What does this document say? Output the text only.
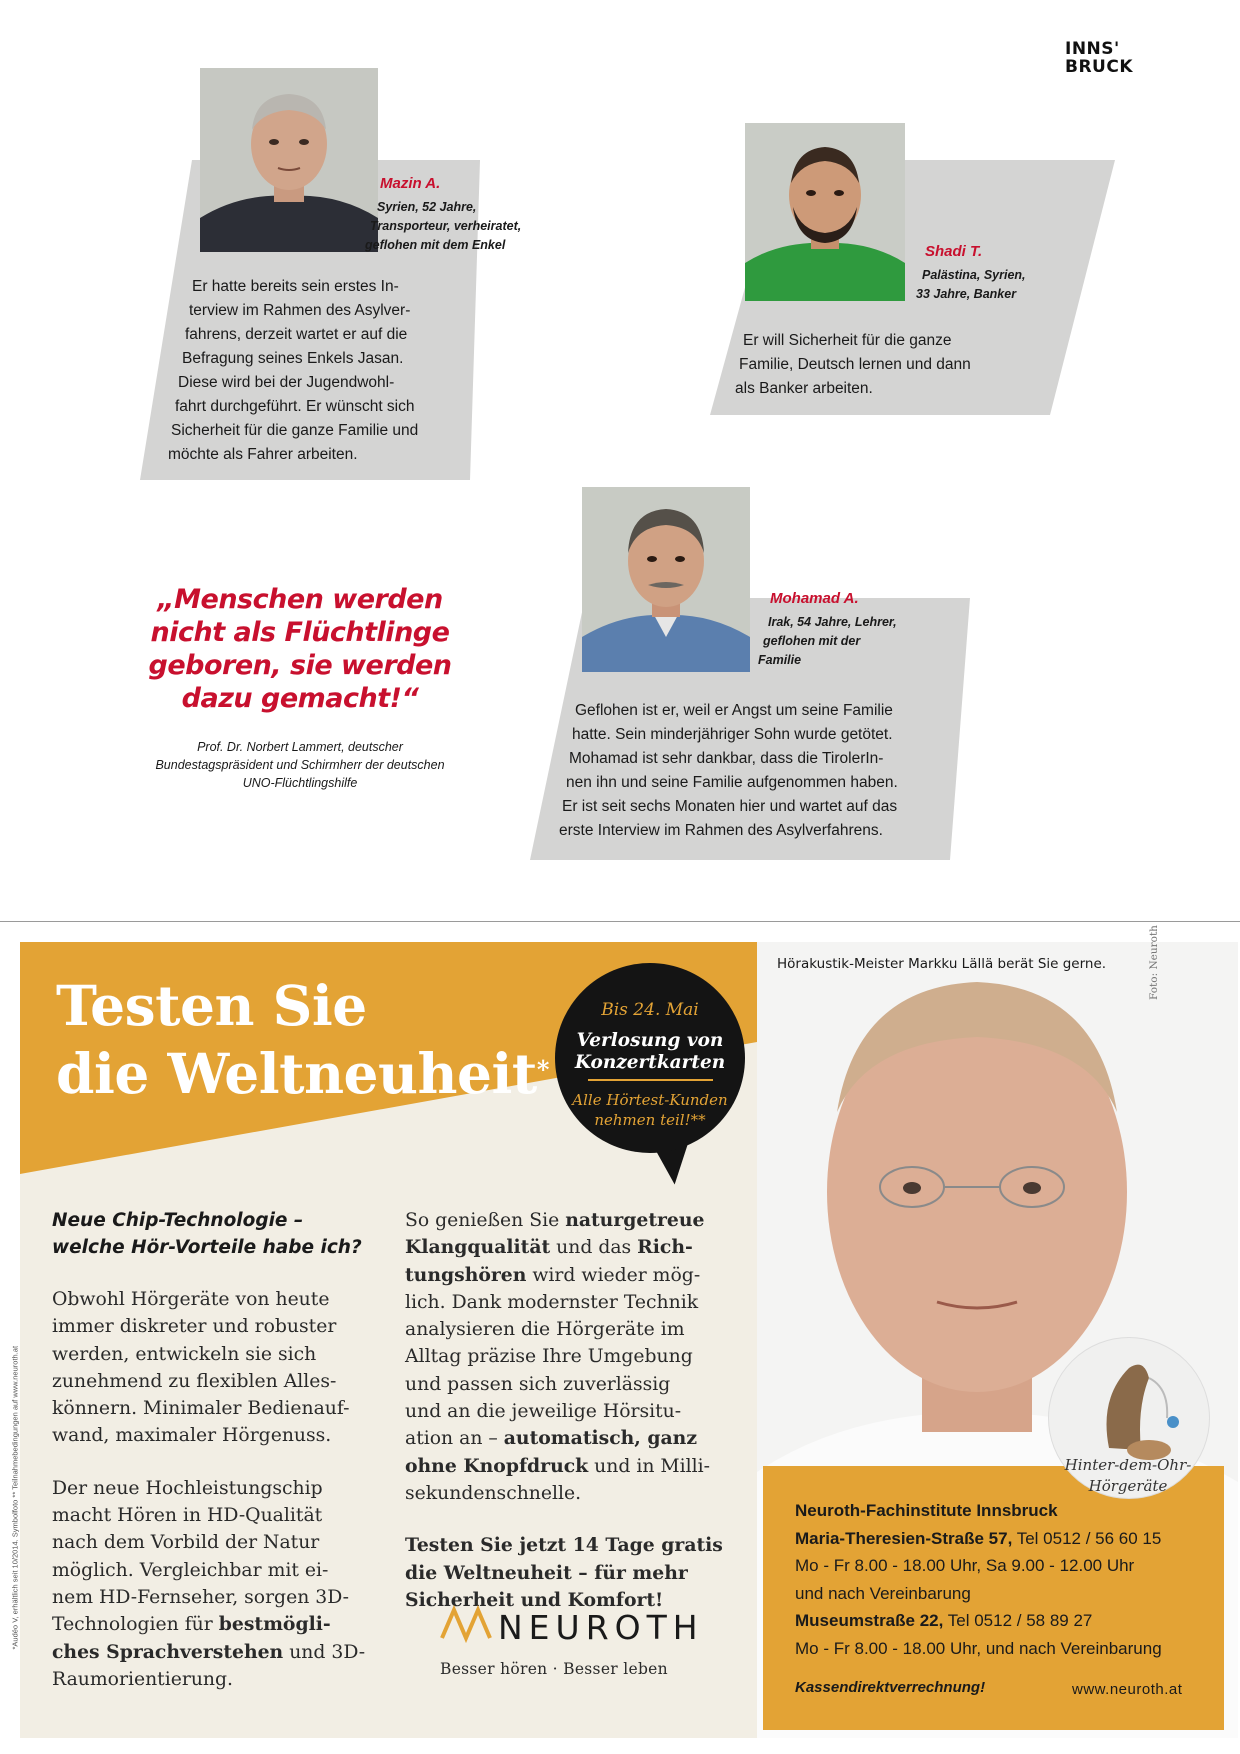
INNS'
BRUCK
Mazin A.
Syrien, 52 Jahre,
Transporteur, verheiratet,
geflohen mit dem Enkel
Er hatte bereits sein erstes In-
terview im Rahmen des Asylver-
fahrens, derzeit wartet er auf die
Befragung seines Enkels Jasan.
Diese wird bei der Jugendwohl-
fahrt durchgeführt. Er wünscht sich
Sicherheit für die ganze Familie und
möchte als Fahrer arbeiten.
Shadi T.
Palästina, Syrien,
33 Jahre, Banker
Er will Sicherheit für die ganze
Familie, Deutsch lernen und dann
als Banker arbeiten.
Mohamad A.
Irak, 54 Jahre, Lehrer,
geflohen mit der
Familie
Geflohen ist er, weil er Angst um seine Familie
hatte. Sein minderjähriger Sohn wurde getötet.
Mohamad ist sehr dankbar, dass die TirolerIn-
nen ihn und seine Familie aufgenommen haben.
Er ist seit sechs Monaten hier und wartet auf das
erste Interview im Rahmen des Asylverfahrens.
„Menschen werden
nicht als Flüchtlinge
geboren, sie werden
dazu gemacht!“
Prof. Dr. Norbert Lammert, deutscher
Bundestagspräsident und Schirmherr der deutschen
UNO-Flüchtlingshilfe
Testen Sie
die Weltneuheit*
Bis 24. Mai
Verlosung von
Konzertkarten
Alle Hörtest-Kunden
nehmen teil!**
Neue Chip-Technologie –
welche Hör-Vorteile habe ich?
Obwohl Hörgeräte von heute
immer diskreter und robuster
werden, entwickeln sie sich
zunehmend zu flexiblen Alles-
könnern. Minimaler Bedienauf-
wand, maximaler Hörgenuss.
Der neue Hochleistungschip
macht Hören in HD-Qualität
nach dem Vorbild der Natur
möglich. Vergleichbar mit ei-
nem HD-Fernseher, sorgen 3D-
Technologien für bestmögli-
ches Sprachverstehen und 3D-
Raumorientierung.
So genießen Sie naturgetreue
Klangqualität und das Rich-
tungshören wird wieder mög-
lich. Dank modernster Technik
analysieren die Hörgeräte im
Alltag präzise Ihre Umgebung
und passen sich zuverlässig
und an die jeweilige Hörsitu-
ation an – automatisch, ganz
ohne Knopfdruck und in Milli-
sekundenschnelle.
Testen Sie jetzt 14 Tage gratis
die Weltneuheit – für mehr
Sicherheit und Komfort!
NEUROTH
Besser hören · Besser leben
*Audéo V, erhältlich seit 10/2014. Symbolfoto ** Teilnahmebedingungen auf www.neuroth.at
Hörakustik-Meister Markku Lällä berät Sie gerne.	Foto: Neuroth
Hinter-dem-Ohr-
Hörgeräte
Neuroth-Fachinstitute Innsbruck
Maria-Theresien-Straße 57, Tel 0512 / 56 60 15
Mo - Fr 8.00 - 18.00 Uhr, Sa 9.00 - 12.00 Uhr
und nach Vereinbarung
Museumstraße 22, Tel 0512 / 58 89 27
Mo - Fr 8.00 - 18.00 Uhr, und nach Vereinbarung
Kassendirektverrechnung!	www.neuroth.at
